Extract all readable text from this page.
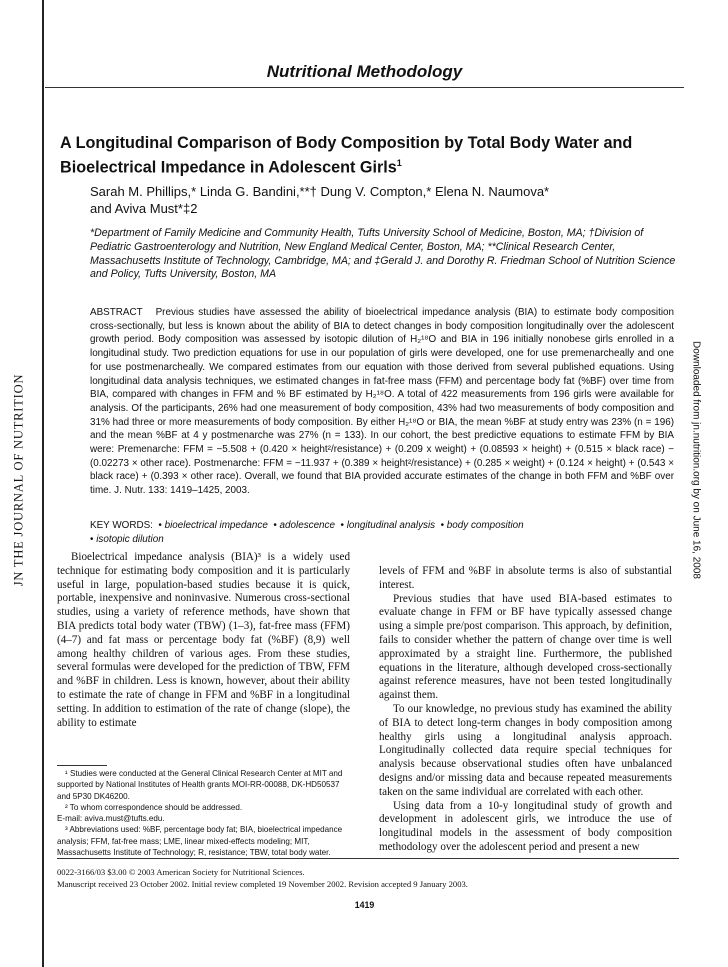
JN THE JOURNAL OF NUTRITION	Downloaded from jn.nutrition.org by on June 16, 2008
Nutritional Methodology
A Longitudinal Comparison of Body Composition by Total Body Water and Bioelectrical Impedance in Adolescent Girls$^1$
Sarah M. Phillips,* Linda G. Bandini,**† Dung V. Compton,* Elena N. Naumova*
and Aviva Must*‡2
*Department of Family Medicine and Community Health, Tufts University School of Medicine, Boston, MA; †Division of Pediatric Gastroenterology and Nutrition, New England Medical Center, Boston, MA; **Clinical Research Center, Massachusetts Institute of Technology, Cambridge, MA; and ‡Gerald J. and Dorothy R. Friedman School of Nutrition Science and Policy, Tufts University, Boston, MA
ABSTRACT Previous studies have assessed the ability of bioelectrical impedance analysis (BIA) to estimate body composition cross-sectionally, but less is known about the ability of BIA to detect changes in body composition longitudinally over the adolescent growth period. Body composition was assessed by isotopic dilution of H₂¹⁸O and BIA in 196 initially nonobese girls enrolled in a longitudinal study. Two prediction equations for use in our population of girls were developed, one for use premenarcheally and one for use postmenarcheally. We compared estimates from our equation with those derived from several published equations. Using longitudinal data analysis techniques, we estimated changes in fat-free mass (FFM) and percentage body fat (%BF) over time from BIA, compared with changes in FFM and % BF estimated by H₂¹⁸O. A total of 422 measurements from 196 girls were available for analysis. Of the participants, 26% had one measurement of body composition, 43% had two measurements of body composition and 31% had three or more measurements of body composition. By either H₂¹⁸O or BIA, the mean %BF at study entry was 23% (n = 196) and the mean %BF at 4 y postmenarche was 27% (n = 133). In our cohort, the best predictive equations to estimate FFM by BIA were: Premenarche: FFM = −5.508 + (0.420 × height²/resistance) + (0.209 x weight) + (0.08593 × height) + (0.515 × black race) − (0.02273 × other race). Postmenarche: FFM = −11.937 + (0.389 × height²/resistance) + (0.285 × weight) + (0.124 × height) + (0.543 × black race) + (0.393 × other race). Overall, we found that BIA provided accurate estimates of the change in both FFM and %BF over time. J. Nutr. 133: 1419–1425, 2003.
KEY WORDS:  • bioelectrical impedance  • adolescence  • longitudinal analysis  • body composition
• isotopic dilution

Bioelectrical impedance analysis (BIA)³ is a widely used technique for estimating body composition and it is particularly useful in large, population-based studies because it is quick, portable, inexpensive and noninvasive. Numerous cross-sectional studies, using a variety of reference methods, have shown that BIA predicts total body water (TBW) (1–3), fat-free mass (FFM) (4–7) and fat mass or percentage body fat (%BF) (8,9) well among healthy children of various ages. From these studies, several formulas were developed for the prediction of TBW, FFM and %BF in children. Less is known, however, about their ability to estimate the rate of change in FFM and %BF in a longitudinal setting. In addition to estimation of the rate of change (slope), the ability to estimate

levels of FFM and %BF in absolute terms is also of substantial interest.

Previous studies that have used BIA-based estimates to evaluate change in FFM or BF have typically assessed change using a simple pre/post comparison. This approach, by definition, fails to consider whether the pattern of change over time is well approximated by a straight line. Furthermore, the published equations in the literature, although developed cross-sectionally against reference measures, have not been tested longitudinally against them.

To our knowledge, no previous study has examined the ability of BIA to detect long-term changes in body composition among healthy girls using a longitudinal analysis approach. Longitudinally collected data require special techniques for analysis because observational studies often have unbalanced designs and/or missing data and because repeated measurements taken on the same individual are correlated with each other.

Using data from a 10-y longitudinal study of growth and development in adolescent girls, we introduce the use of longitudinal models in the assessment of body composition methodology over the adolescent period and present a new

¹ Studies were conducted at the General Clinical Research Center at MIT and supported by National Institutes of Health grants MOI-RR-00088, DK-HD50537 and 5P30 DK46200.

² To whom correspondence should be addressed.

E-mail: aviva.must@tufts.edu.

³ Abbreviations used: %BF, percentage body fat; BIA, bioelectrical impedance analysis; FFM, fat-free mass; LME, linear mixed-effects modeling; MIT, Massachusetts Institute of Technology; R, resistance; TBW, total body water.

0022-3166/03 $3.00 © 2003 American Society for Nutritional Sciences.
Manuscript received 23 October 2002. Initial review completed 19 November 2002. Revision accepted 9 January 2003.
1419
